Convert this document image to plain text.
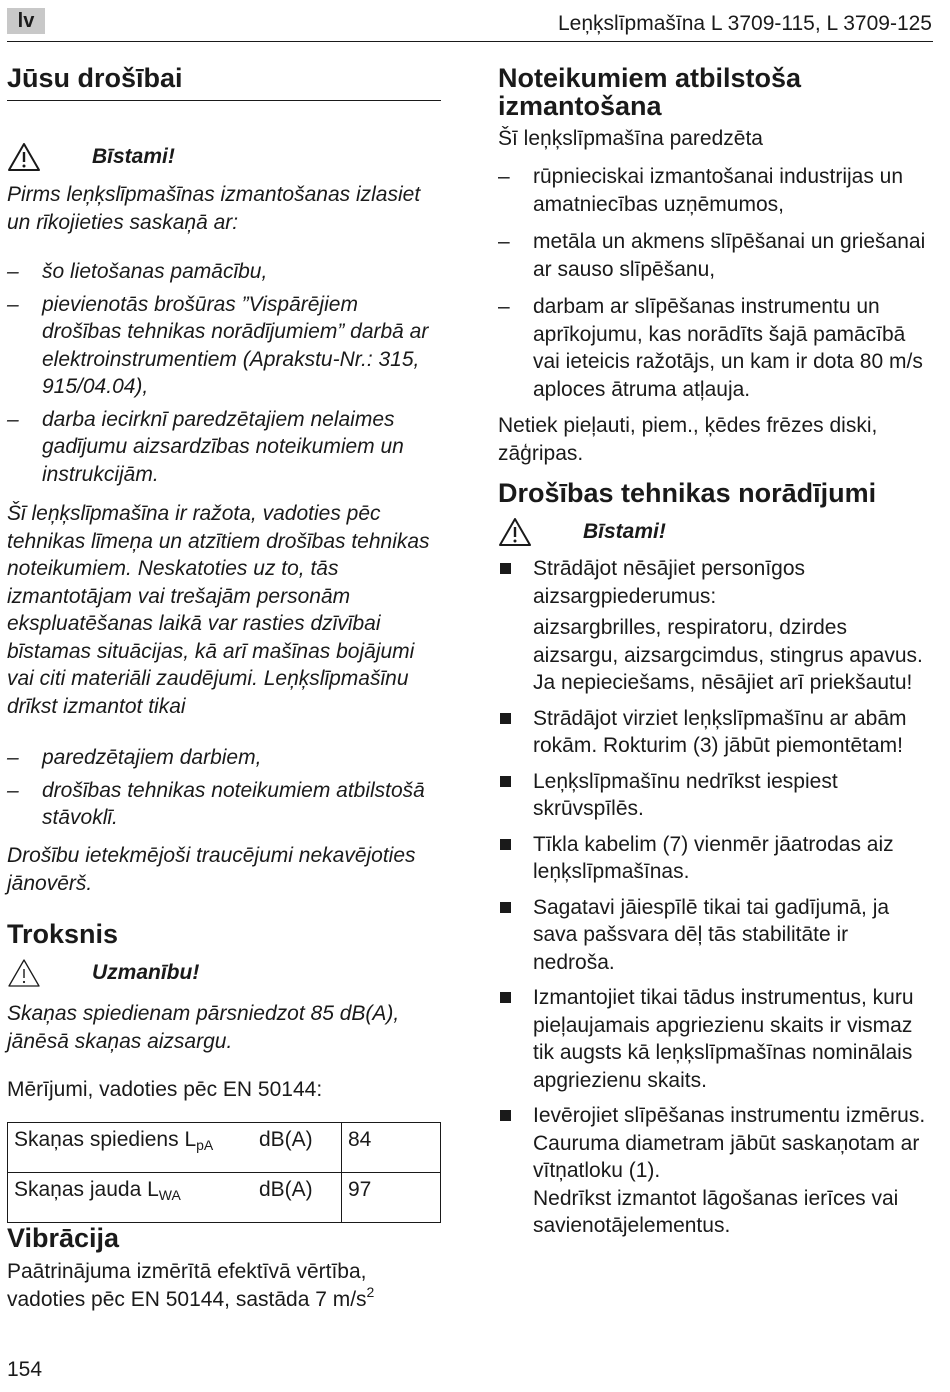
lv	Leņķslīpmašīna L 3709-115, L 3709-125
Jūsu drošībai
Bīstami!

Pirms leņķslīpmašīnas izmantošanas izlasiet un rīkojieties saskaņā ar:

– šo lietošanas pamācību,
– pievienotās brošūras ”Vispārējiem drošības tehnikas norādījumiem” darbā ar elektroinstrumentiem (Aprakstu-Nr.: 315, 915/04.04),
– darba iecirknī paredzētajiem nelaimes gadījumu aizsardzības noteikumiem un instrukcijām.

Šī leņķslīpmašīna ir ražota, vadoties pēc tehnikas līmeņa un atzītiem drošības tehnikas noteikumiem. Neskatoties uz to, tās izmantotājam vai trešajām personām ekspluatēšanas laikā var rasties dzīvībai bīstamas situācijas, kā arī mašīnas bojājumi vai citi materiāli zaudējumi. Leņķslīpmašīnu drīkst izmantot tikai

– paredzētajiem darbiem,
– drošības tehnikas noteikumiem atbilstošā stāvoklī.

Drošību ietekmējoši traucējumi nekavējoties jānovērš.

Troksnis
Uzmanību!

Skaņas spiedienam pārsniedzot 85 dB(A), jānēsā skaņas aizsargu.

Mērījumi, vadoties pēc EN 50144:

Skaņas spiediens $L_{pA}$	dB(A)	84
Skaņas jauda $L_{WA}$	dB(A)	97
Vibrācija

Paātrinājuma izmērītā efektīvā vērtība, vadoties pēc EN 50144, sastāda 7 $m/s^2$

Noteikumiem atbilstoša izmantošana

Šī leņķslīpmašīna paredzēta

– rūpnieciskai izmantošanai industrijas un amatniecības uzņēmumos,
– metāla un akmens slīpēšanai un griešanai ar sauso slīpēšanu,
– darbam ar slīpēšanas instrumentu un aprīkojumu, kas norādīts šajā pamācībā vai ieteicis ražotājs, un kam ir dota 80 m/s aploces ātruma atļauja.

Netiek pieļauti, piem., ķēdes frēzes diski, zāģripas.

Drošības tehnikas norādījumi
Bīstami!
Strādājot nēsājiet personīgos aizsargpiederumus:
aizsargbrilles, respiratoru, dzirdes aizsargu, aizsargcimdus, stingrus apavus.
Ja nepieciešams, nēsājiet arī priekšautu!
Strādājot virziet leņķslīpmašīnu ar abām rokām. Rokturim (3) jābūt piemontētam!
Leņķslīpmašīnu nedrīkst iespiest skrūvspīlēs.
Tīkla kabelim (7) vienmēr jāatrodas aiz leņķslīpmašīnas.
Sagatavi jāiespīlē tikai tai gadījumā, ja sava pašsvara dēļ tās stabilitāte ir nedroša.
Izmantojiet tikai tādus instrumentus, kuru pieļaujamais apgriezienu skaits ir vismaz tik augsts kā leņķslīpmašīnas nominālais apgriezienu skaits.
Ievērojiet slīpēšanas instrumentu izmērus. Cauruma diametram jābūt saskaņotam ar vītņatloku (1).
Nedrīkst izmantot lāgošanas ierīces vai savienotājelementus.
154
